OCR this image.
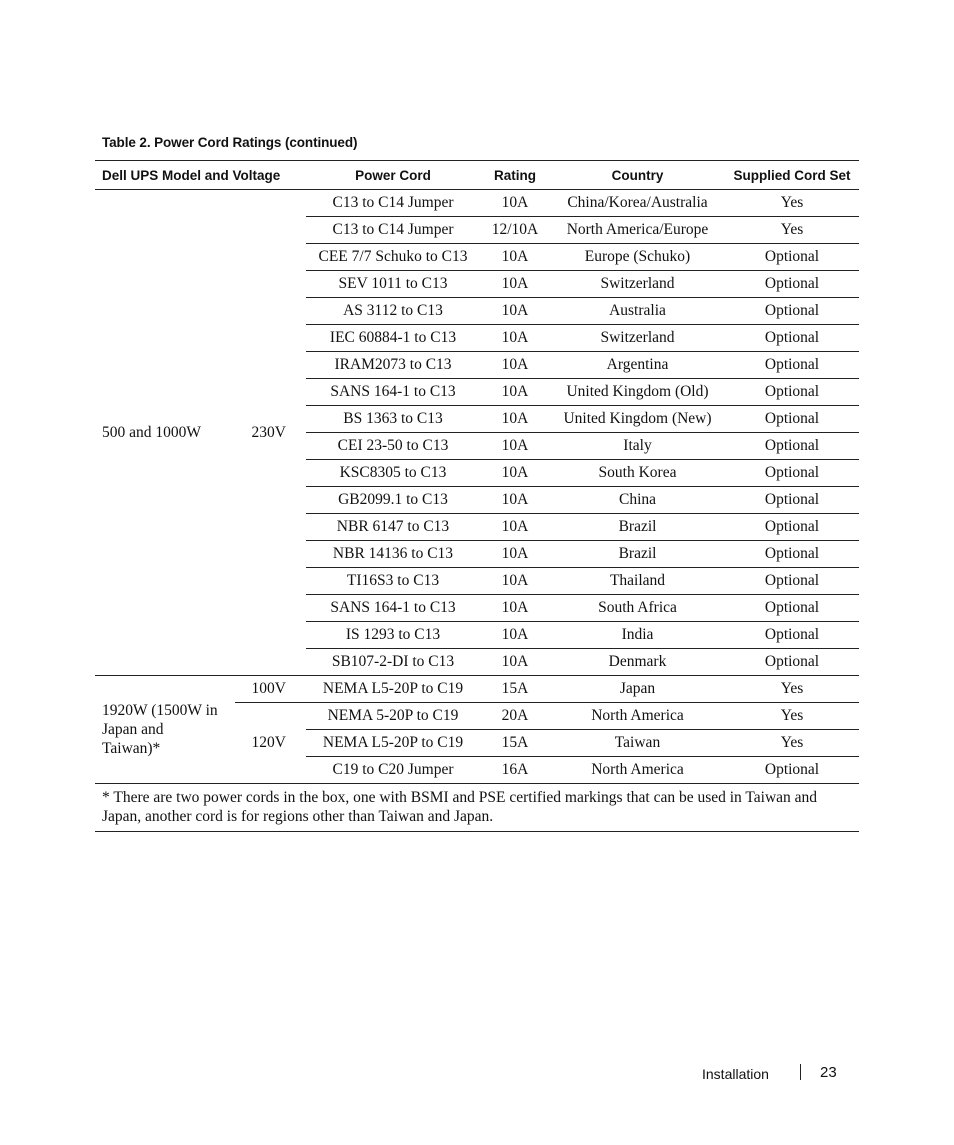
Table 2. Power Cord Ratings (continued)
Dell UPS Model and Voltage		Power Cord	Rating	Country	Supplied Cord Set
500 and 1000W	230V	C13 to C14 Jumper	10A	China/Korea/Australia	Yes
		C13 to C14 Jumper	12/10A	North America/Europe	Yes
		CEE 7/7 Schuko to C13	10A	Europe (Schuko)	Optional
		SEV 1011 to C13	10A	Switzerland	Optional
		AS 3112 to C13	10A	Australia	Optional
		IEC 60884-1 to C13	10A	Switzerland	Optional
		IRAM2073 to C13	10A	Argentina	Optional
		SANS 164-1 to C13	10A	United Kingdom (Old)	Optional
		BS 1363 to C13	10A	United Kingdom (New)	Optional
		CEI 23-50 to C13	10A	Italy	Optional
		KSC8305 to C13	10A	South Korea	Optional
		GB2099.1 to C13	10A	China	Optional
		NBR 6147 to C13	10A	Brazil	Optional
		NBR 14136 to C13	10A	Brazil	Optional
		TI16S3 to C13	10A	Thailand	Optional
		SANS 164-1 to C13	10A	South Africa	Optional
		IS 1293 to C13	10A	India	Optional
		SB107-2-DI to C13	10A	Denmark	Optional
1920W (1500W in Japan and Taiwan)*	100V	NEMA L5-20P to C19	15A	Japan	Yes
	120V	NEMA 5-20P to C19	20A	North America	Yes
		NEMA L5-20P to C19	15A	Taiwan	Yes
		C19 to C20 Jumper	16A	North America	Optional
* There are two power cords in the box, one with BSMI and PSE certified markings that can be used in Taiwan and Japan, another cord is for regions other than Taiwan and Japan.					
Installation	23
